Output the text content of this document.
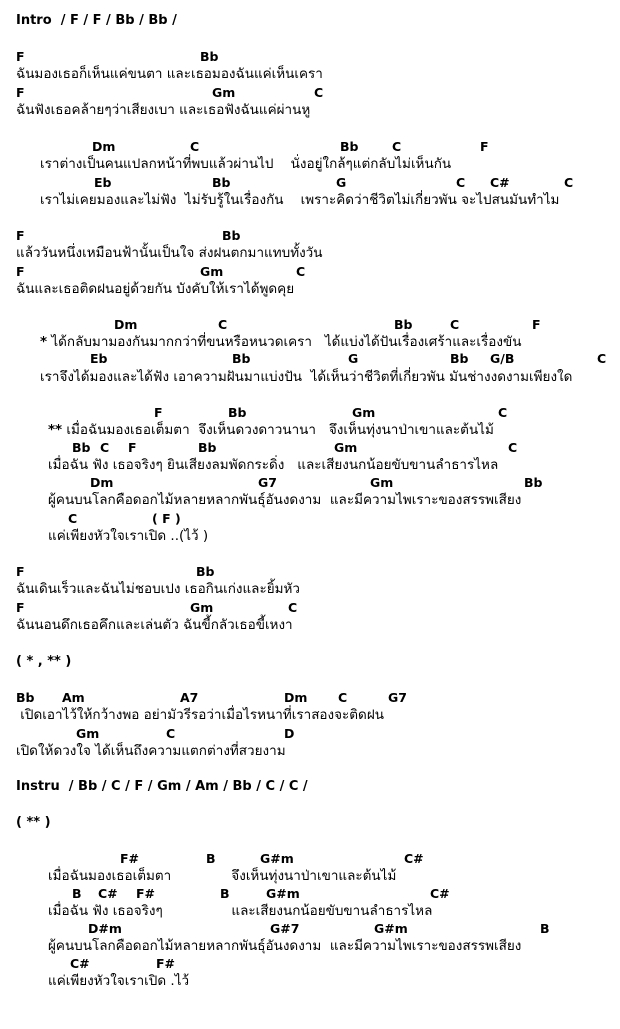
Intro  / F / F / Bb / Bb /

F

	Bb

ฉันมองเธอก็เห็นแค่ขนตา และเธอมองฉันแค่เห็นเครา

F

	Gm

	C

ฉันฟังเธอคล้ายๆว่าเสียงเบา และเธอฟังฉันแค่ผ่านหู

Dm

	C

	Bb

	C

	F

เราต่างเป็นคนแปลกหน้าที่พบแล้วผ่านไป    นั่งอยู่ใกล้ๆแต่กลับไม่เห็นกัน

Eb

	Bb

	G

	C

C#

	C

เราไม่เคยมองและไม่ฟัง  ไม่รับรู้ในเรื่องกัน    เพราะคิดว่าชีวิตไม่เกี่ยวพัน จะไปสนมันทำไม

F

	Bb

แล้ววันหนึ่งเหมือนฟ้านั้นเป็นใจ ส่งฝนตกมาแทบทั้งวัน

F

	Gm

	C

ฉันและเธอติดฝนอยู่ด้วยกัน บังคับให้เราได้พูดคุย

Dm

	C

	Bb

	C

	F

* ได้กลับมามองกันมากกว่าที่ขนหรือหนวดเครา   ได้แบ่งได้ปันเรื่องเศร้าและเรื่องขัน

Eb

	Bb

	G

	Bb

G/B

	C

เราจึงได้มองและได้ฟัง เอาความฝันมาแบ่งปัน  ได้เห็นว่าชีวิตที่เกี่ยวพัน มันช่างงดงามเพียงใด

F

	Bb

	Gm

	C

** เมื่อฉันมองเธอเต็มตา  จึงเห็นดวงดาวนานา   จึงเห็นทุ่งนาป่าเขาและต้นไม้

Bb

C

F

	Bb

	Gm

	C

เมื่อฉัน ฟัง เธอจริงๆ ยินเสียงลมพัดกระดิ่ง   และเสียงนกน้อยขับขานลำธารไหล

Dm

	G7

	Gm

	Bb

ผู้คนบนโลกคือดอกไม้หลายหลากพันธุ์อันงดงาม  และมีความไพเราะของสรรพเสียง

C

	( F )

แค่เพียงหัวใจเราเปิด ..(ไว้ )

F

	Bb

ฉันเดินเร็วและฉันไม่ชอบเปง เธอกินเก่งและยิ้มหัว

F

	Gm

	C

ฉันนอนดึกเธอคึกและเล่นตัว ฉันขี้กลัวเธอขี้เหงา
( * , ** )

Bb

Am

	A7

	Dm

C

	G7

เปิดเอาไว้ให้กว้างพอ อย่ามัวรีรอว่าเมื่อไรหนาที่เราสองจะติดฝน

Gm

	C

	D

เปิดให้ดวงใจ ได้เห็นถึงความแตกต่างที่สวยงาม
Instru  / Bb / C / F / Gm / Am / Bb / C / C /
( ** )

F#

	B

	G#m

	C#

เมื่อฉันมองเธอเต็มตา              จึงเห็นทุ่งนาป่าเขาและต้นไม้

B

C#

F#

	B

	G#m

	C#

เมื่อฉัน ฟัง เธอจริงๆ                และเสียงนกน้อยขับขานลำธารไหล

D#m

	G#7

	G#m

	B

ผู้คนบนโลกคือดอกไม้หลายหลากพันธุ์อันงดงาม  และมีความไพเราะของสรรพเสียง

C#

	F#

แค่เพียงหัวใจเราเปิด .ไว้
